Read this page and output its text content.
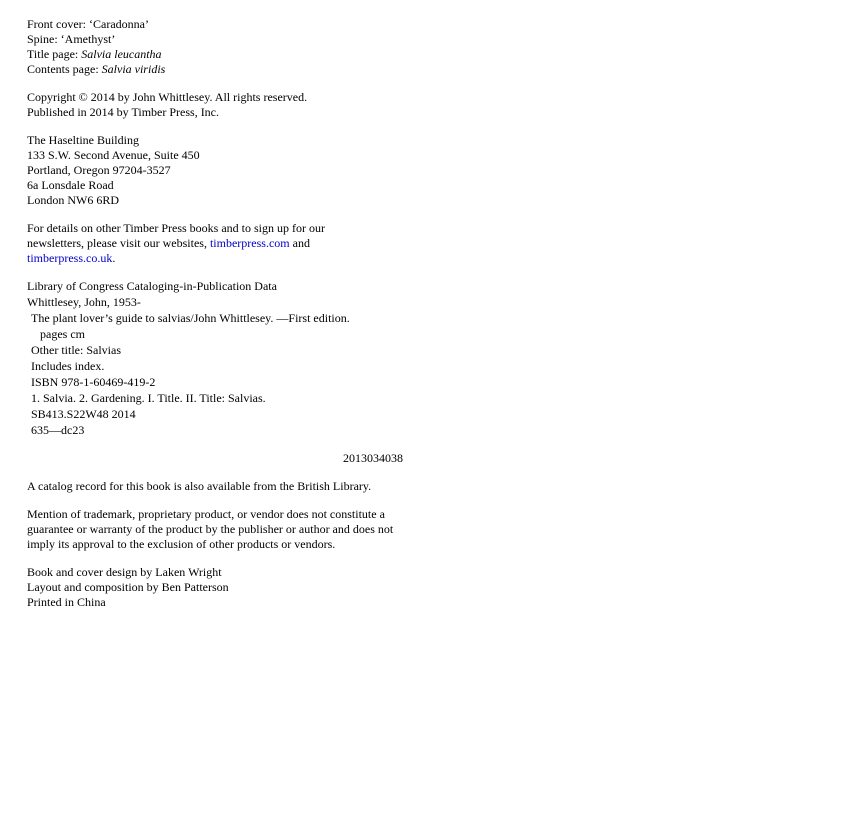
Front cover: ‘Caradonna’
Spine: ‘Amethyst’
Title page: Salvia leucantha
Contents page: Salvia viridis
Copyright © 2014 by John Whittlesey. All rights reserved.
Published in 2014 by Timber Press, Inc.
The Haseltine Building
133 S.W. Second Avenue, Suite 450
Portland, Oregon 97204-3527
6a Lonsdale Road
London NW6 6RD
For details on other Timber Press books and to sign up for our newsletters, please visit our websites, timberpress.com and timberpress.co.uk.
Library of Congress Cataloging-in-Publication Data
Whittlesey, John, 1953-
The plant lover’s guide to salvias/John Whittlesey. —First edition.
pages cm
Other title: Salvias
Includes index.
ISBN 978-1-60469-419-2
1. Salvia. 2. Gardening. I. Title. II. Title: Salvias.
SB413.S22W48 2014
635—dc23
2013034038
A catalog record for this book is also available from the British Library.
Mention of trademark, proprietary product, or vendor does not constitute a guarantee or warranty of the product by the publisher or author and does not imply its approval to the exclusion of other products or vendors.
Book and cover design by Laken Wright
Layout and composition by Ben Patterson
Printed in China
